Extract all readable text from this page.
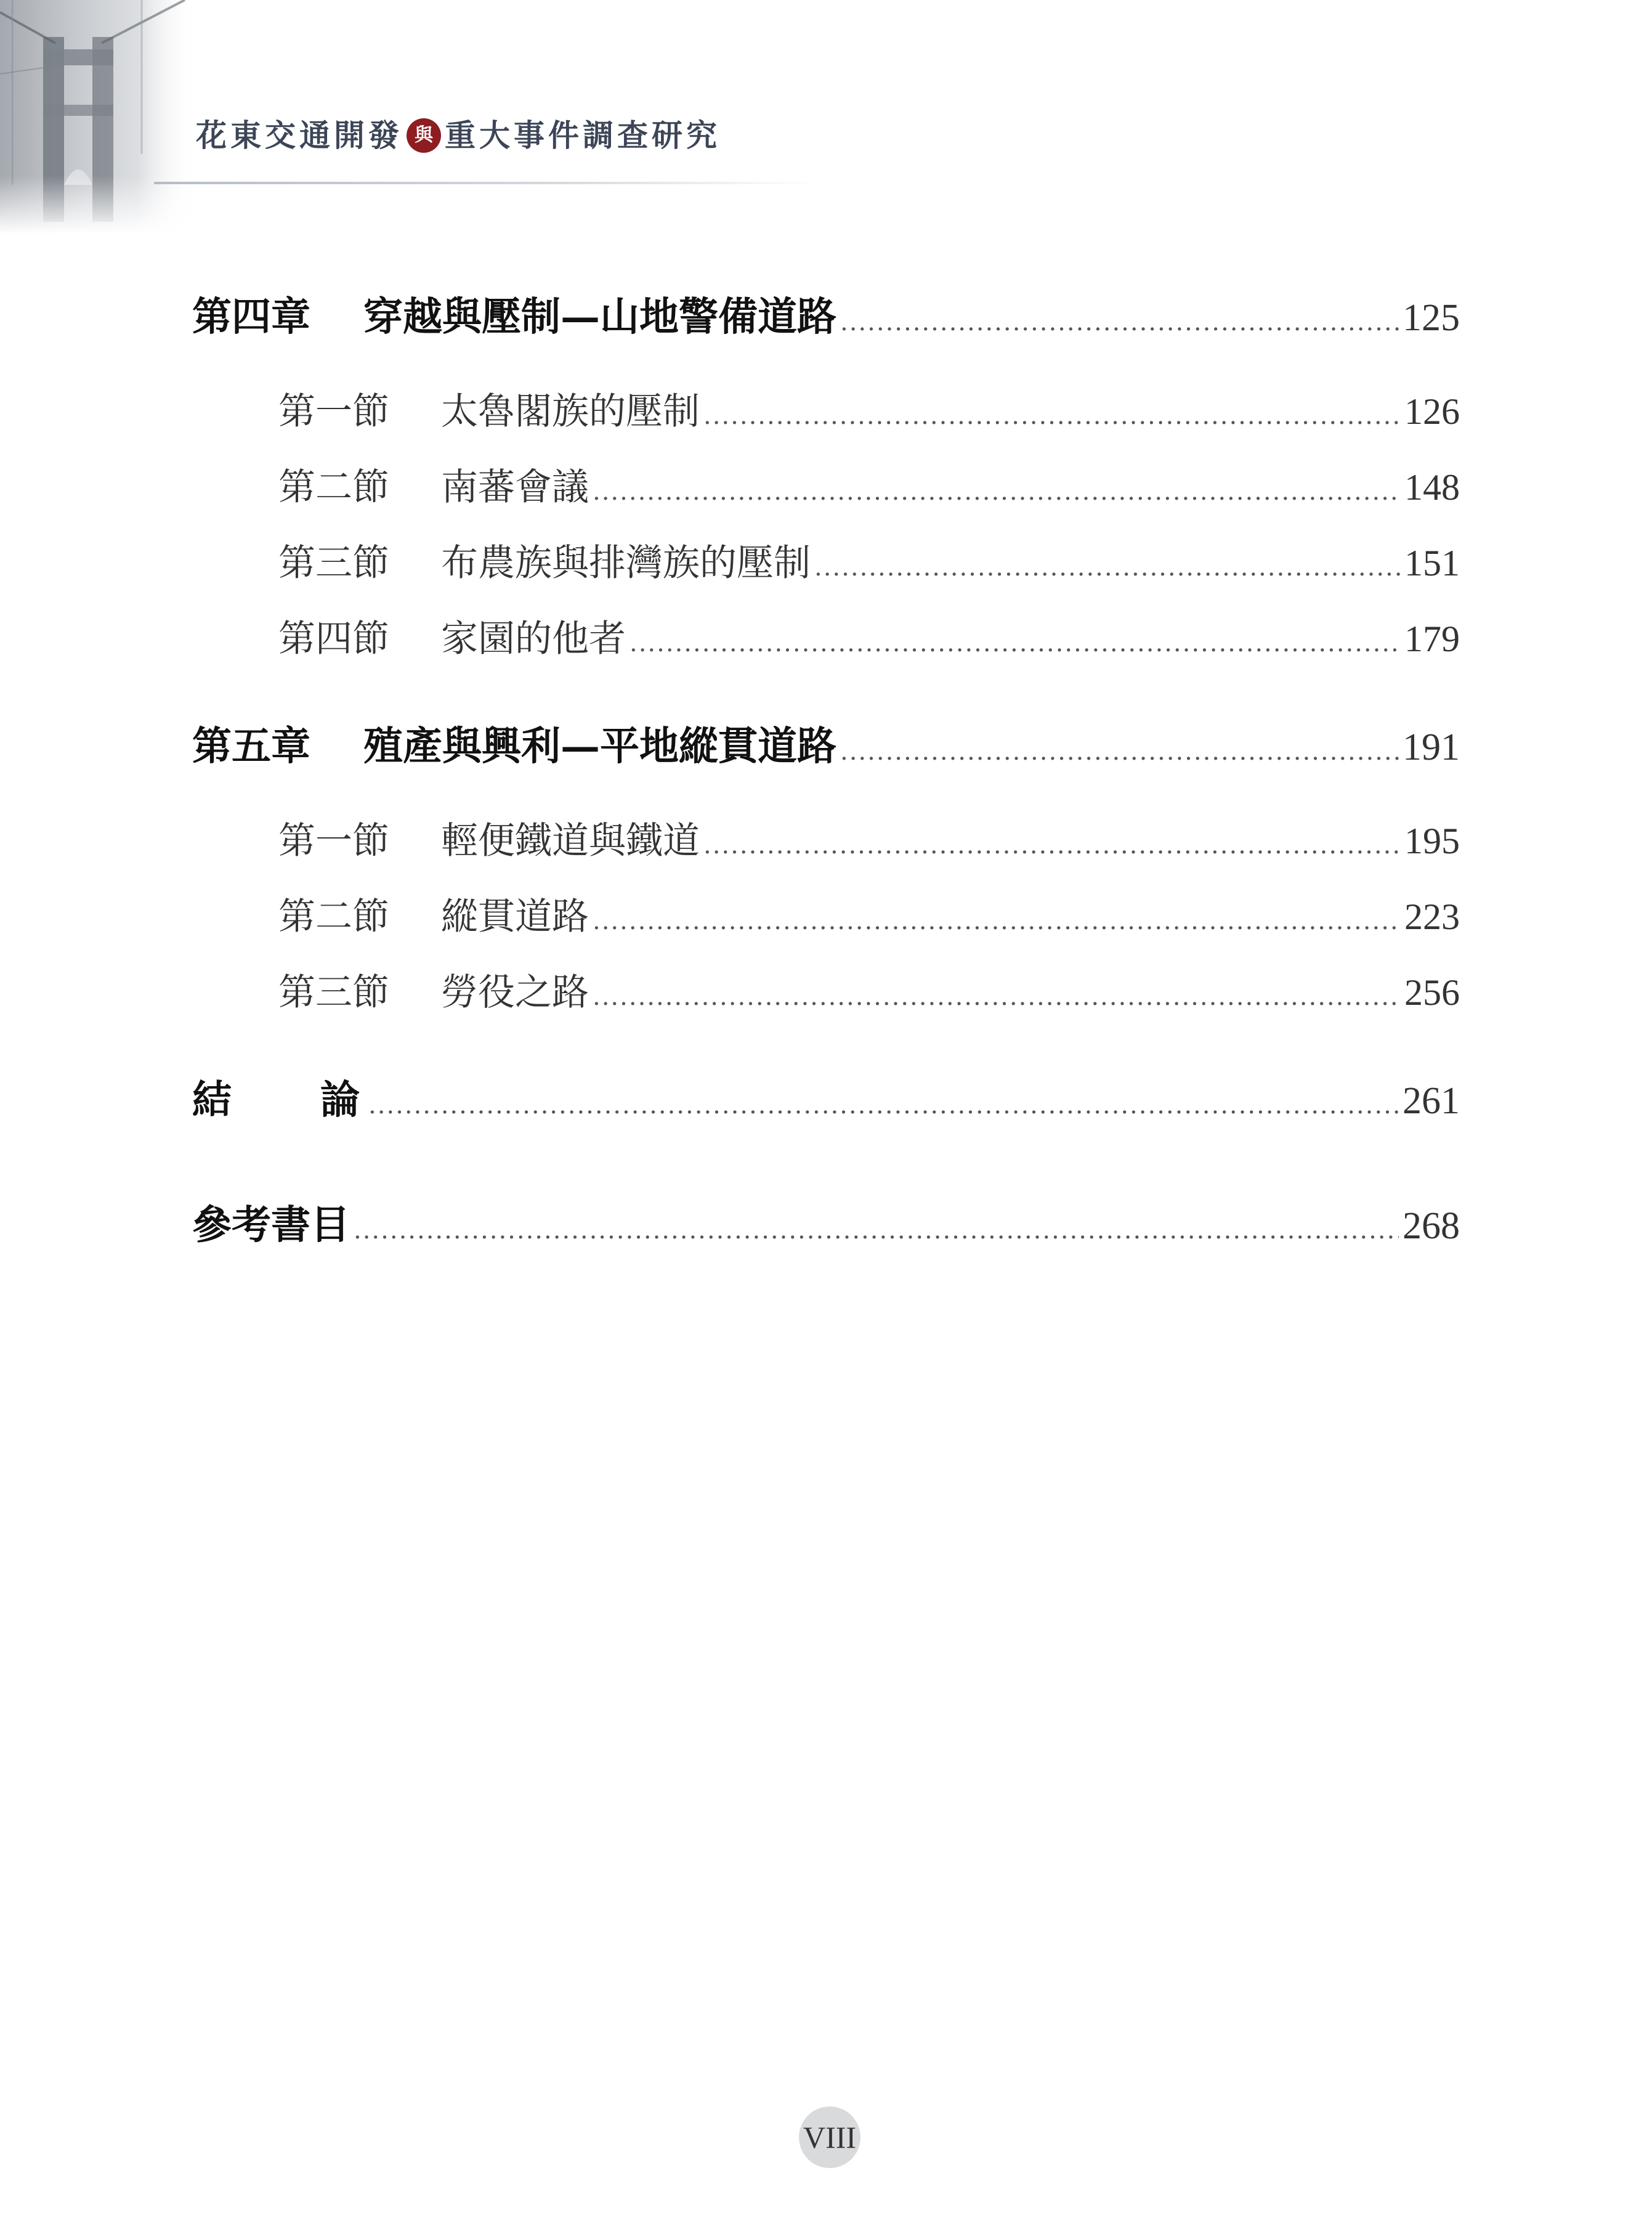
花東交通開發 與 重大事件調查研究
第四章	穿越與壓制—山地警備道路 .....	125
第一節	太魯閣族的壓制 .....	126
第二節	南蕃會議 .....	148
第三節	布農族與排灣族的壓制 .....	151
第四節	家園的他者 .....	179
第五章	殖產與興利—平地縱貫道路 .....	191
第一節	輕便鐵道與鐵道 .....	195
第二節	縱貫道路 .....	223
第三節	勞役之路 .....	256
結 論 .....	261
參考書目 .....	268
VIII
